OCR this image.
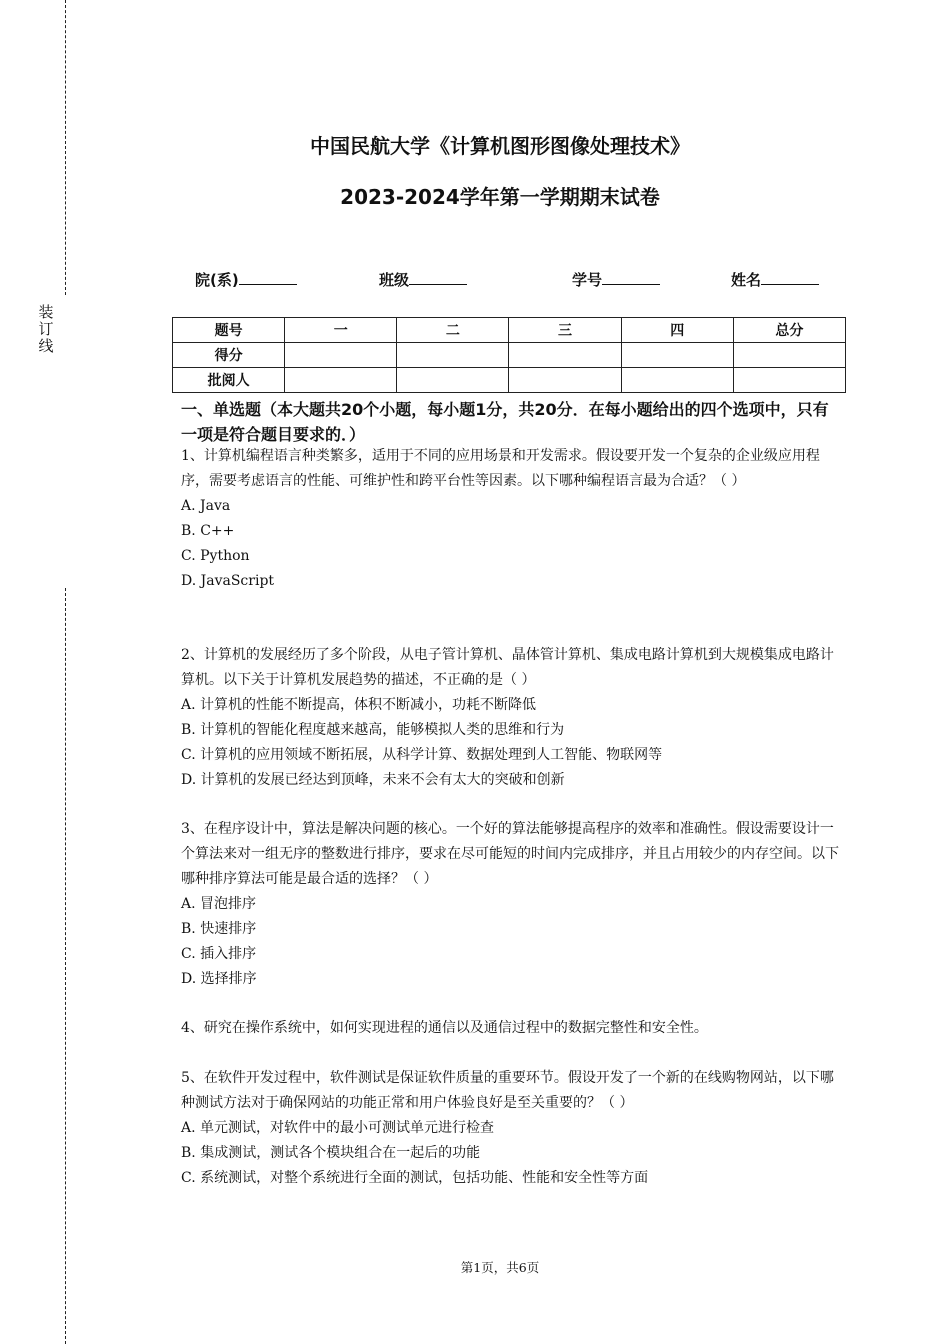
装订线
中国民航大学《计算机图形图像处理技术》
2023-2024学年第一学期期末试卷
院(系)	班级	学号	姓名
题号	一	二	三	四	总分
得分					
批阅人					
一、单选题（本大题共20个小题，每小题1分，共20分．在每小题给出的四个选项中，只有一项是符合题目要求的．）

1、计算机编程语言种类繁多，适用于不同的应用场景和开发需求。假设要开发一个复杂的企业级应用程序，需要考虑语言的性能、可维护性和跨平台性等因素。以下哪种编程语言最为合适？（ ）

A. Java

B. C++

C. Python

D. JavaScript

2、计算机的发展经历了多个阶段，从电子管计算机、晶体管计算机、集成电路计算机到大规模集成电路计算机。以下关于计算机发展趋势的描述，不正确的是（ ）

A. 计算机的性能不断提高，体积不断减小，功耗不断降低

B. 计算机的智能化程度越来越高，能够模拟人类的思维和行为

C. 计算机的应用领域不断拓展，从科学计算、数据处理到人工智能、物联网等

D. 计算机的发展已经达到顶峰，未来不会有太大的突破和创新

3、在程序设计中，算法是解决问题的核心。一个好的算法能够提高程序的效率和准确性。假设需要设计一个算法来对一组无序的整数进行排序，要求在尽可能短的时间内完成排序，并且占用较少的内存空间。以下哪种排序算法可能是最合适的选择？（ ）

A. 冒泡排序

B. 快速排序

C. 插入排序

D. 选择排序

4、研究在操作系统中，如何实现进程的通信以及通信过程中的数据完整性和安全性。

5、在软件开发过程中，软件测试是保证软件质量的重要环节。假设开发了一个新的在线购物网站，以下哪种测试方法对于确保网站的功能正常和用户体验良好是至关重要的？（ ）

A. 单元测试，对软件中的最小可测试单元进行检查

B. 集成测试，测试各个模块组合在一起后的功能

C. 系统测试，对整个系统进行全面的测试，包括功能、性能和安全性等方面

第1页，共6页
